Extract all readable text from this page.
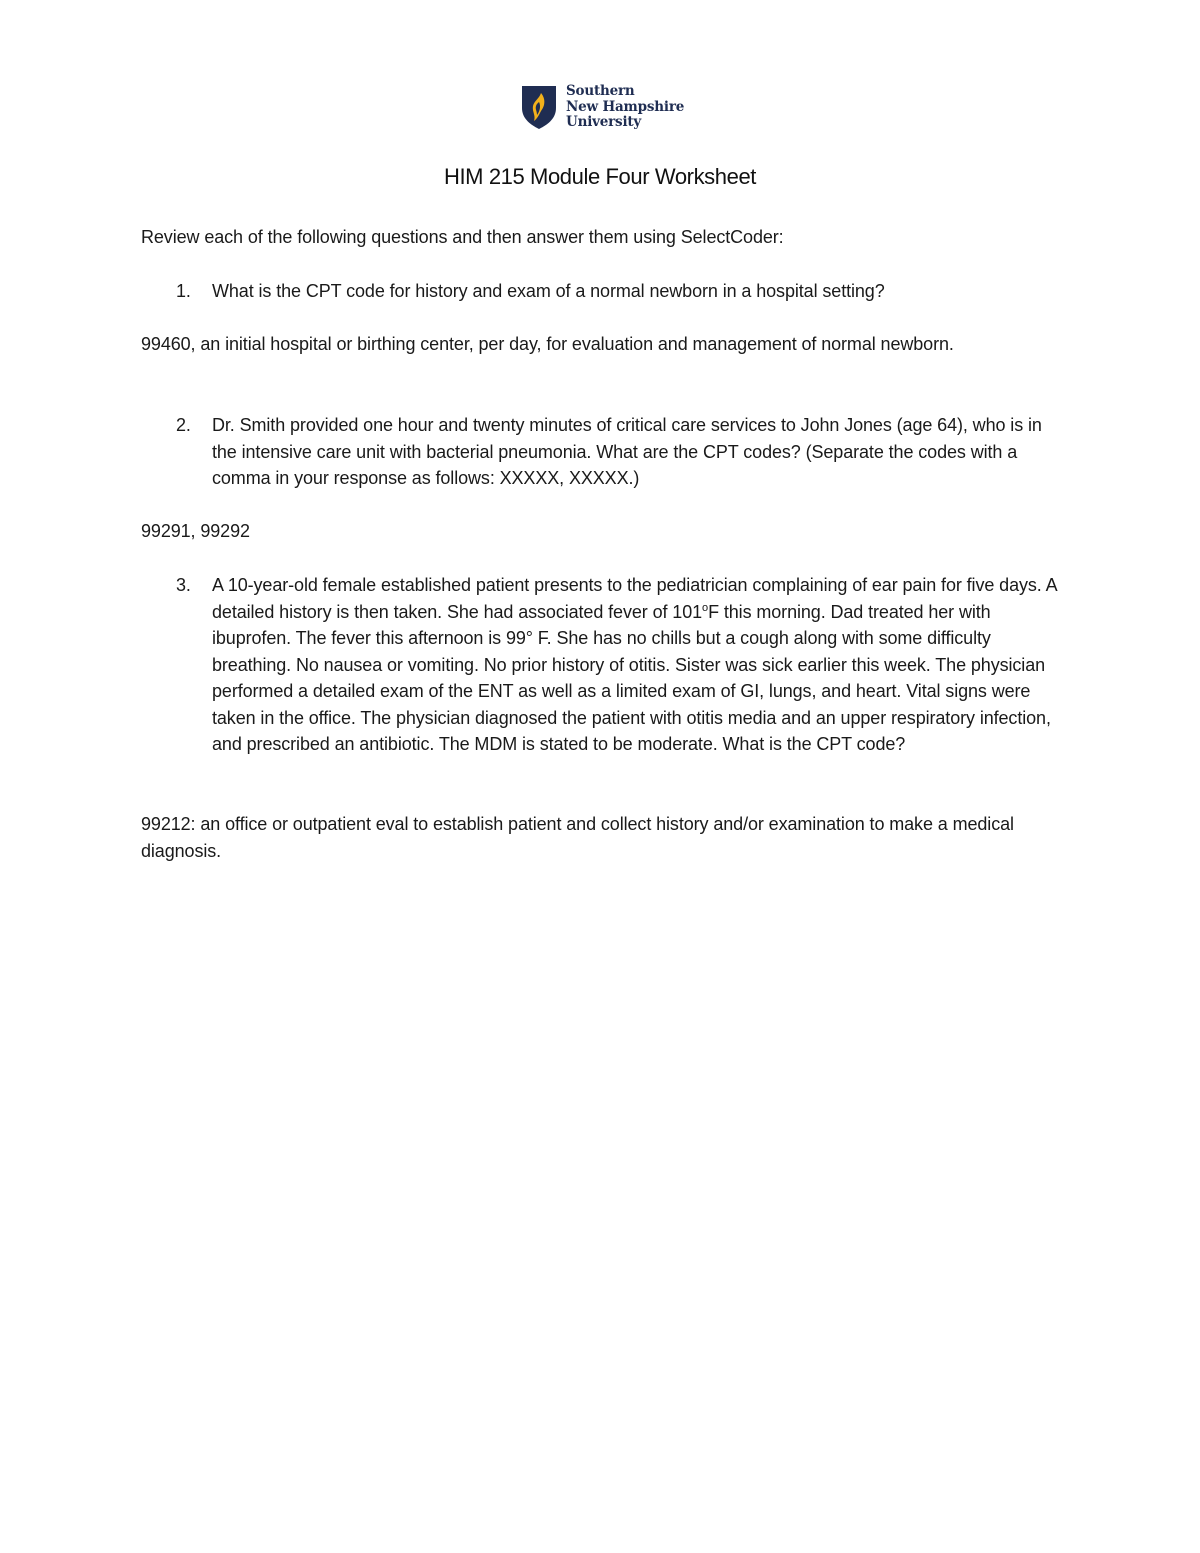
Southern
New Hampshire
University
HIM 215 Module Four Worksheet
Review each of the following questions and then answer them using SelectCoder:
1. What is the CPT code for history and exam of a normal newborn in a hospital setting?
99460, an initial hospital or birthing center, per day, for evaluation and management of normal newborn.
2. Dr. Smith provided one hour and twenty minutes of critical care services to John Jones (age 64), who is in the intensive care unit with bacterial pneumonia. What are the CPT codes? (Separate the codes with a comma in your response as follows: XXXXX, XXXXX.)
99291, 99292
3. A 10-year-old female established patient presents to the pediatrician complaining of ear pain for five days. A detailed history is then taken. She had associated fever of 101$^o$F this morning. Dad treated her with ibuprofen. The fever this afternoon is 99° F. She has no chills but a cough along with some difficulty breathing. No nausea or vomiting. No prior history of otitis. Sister was sick earlier this week. The physician performed a detailed exam of the ENT as well as a limited exam of GI, lungs, and heart. Vital signs were taken in the office. The physician diagnosed the patient with otitis media and an upper respiratory infection, and prescribed an antibiotic. The MDM is stated to be moderate. What is the CPT code?
99212: an office or outpatient eval to establish patient and collect history and/or examination to make a medical diagnosis.
